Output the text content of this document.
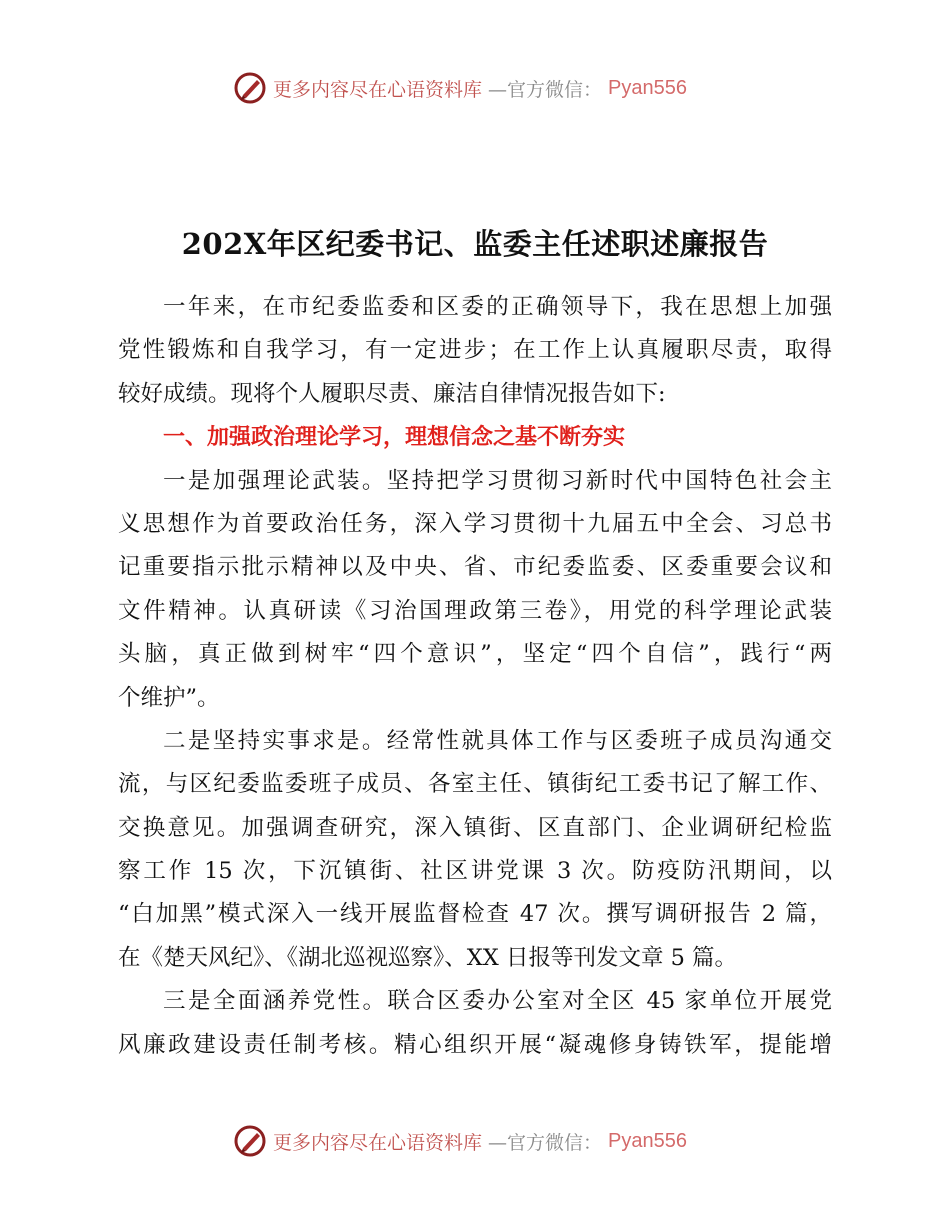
更多内容尽在心语资料库 —官方微信： Pyan556
202X年区纪委书记、监委主任述职述廉报告
一年来，在市纪委监委和区委的正确领导下，我在思想上加强
党性锻炼和自我学习，有一定进步；在工作上认真履职尽责，取得
较好成绩。现将个人履职尽责、廉洁自律情况报告如下:
一、加强政治理论学习，理想信念之基不断夯实
一是加强理论武装。坚持把学习贯彻习新时代中国特色社会主
义思想作为首要政治任务，深入学习贯彻十九届五中全会、习总书
记重要指示批示精神以及中央、省、市纪委监委、区委重要会议和
文件精神。认真研读《习治国理政第三卷》，用党的科学理论武装
头脑，真正做到树牢“四个意识”，坚定“四个自信”，践行“两
个维护”。
二是坚持实事求是。经常性就具体工作与区委班子成员沟通交
流，与区纪委监委班子成员、各室主任、镇街纪工委书记了解工作、
交换意见。加强调查研究，深入镇街、区直部门、企业调研纪检监
察工作 15 次，下沉镇街、社区讲党课 3 次。防疫防汛期间，以
“白加黑”模式深入一线开展监督检查 47 次。撰写调研报告 2 篇，
在《楚天风纪》、《湖北巡视巡察》、XX 日报等刊发文章 5 篇。
三是全面涵养党性。联合区委办公室对全区 45 家单位开展党
风廉政建设责任制考核。精心组织开展“凝魂修身铸铁军，提能增
更多内容尽在心语资料库 —官方微信： Pyan556
